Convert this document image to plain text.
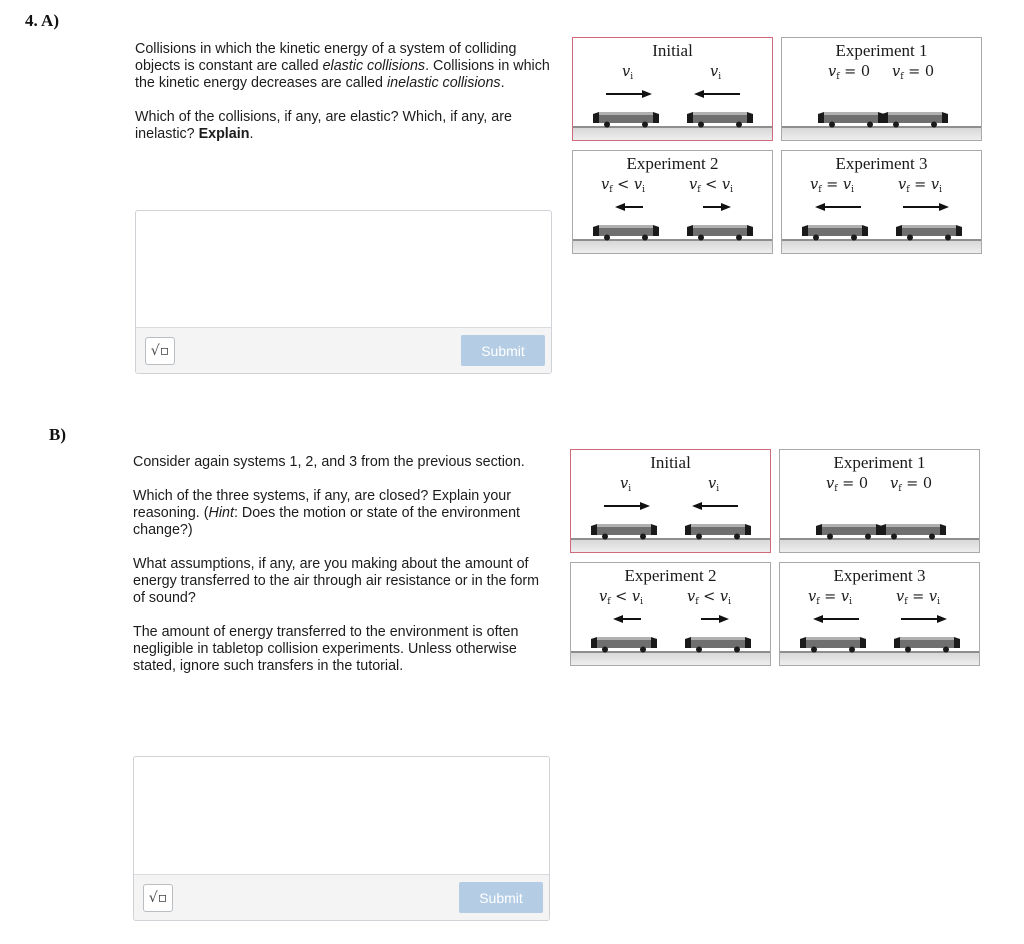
4. A)

Collisions in which the kinetic energy of a system of colliding objects is constant are called elastic collisions. Collisions in which the kinetic energy decreases are called inelastic collisions.

Which of the collisions, if any, are elastic? Which, if any, are inelastic? Explain.

√▫	Submit
Initial
$v_i$	$v_i$
Experiment 1
$v_f = 0$ $v_f = 0$
Experiment 2
$v_f < v_i$	$v_f < v_i$
Experiment 3
$v_f = v_i$	$v_f = v_i$
B)

Consider again systems 1, 2, and 3 from the previous section.

Which of the three systems, if any, are closed? Explain your reasoning. (Hint: Does the motion or state of the environment change?)

What assumptions, if any, are you making about the amount of energy transferred to the air through air resistance or in the form of sound?

The amount of energy transferred to the environment is often negligible in tabletop collision experiments. Unless otherwise stated, ignore such transfers in the tutorial.

√▫	Submit
Initial
$v_i$	$v_i$
Experiment 1
$v_f = 0$ $v_f = 0$
Experiment 2
$v_f < v_i$	$v_f < v_i$
Experiment 3
$v_f = v_i$	$v_f = v_i$
